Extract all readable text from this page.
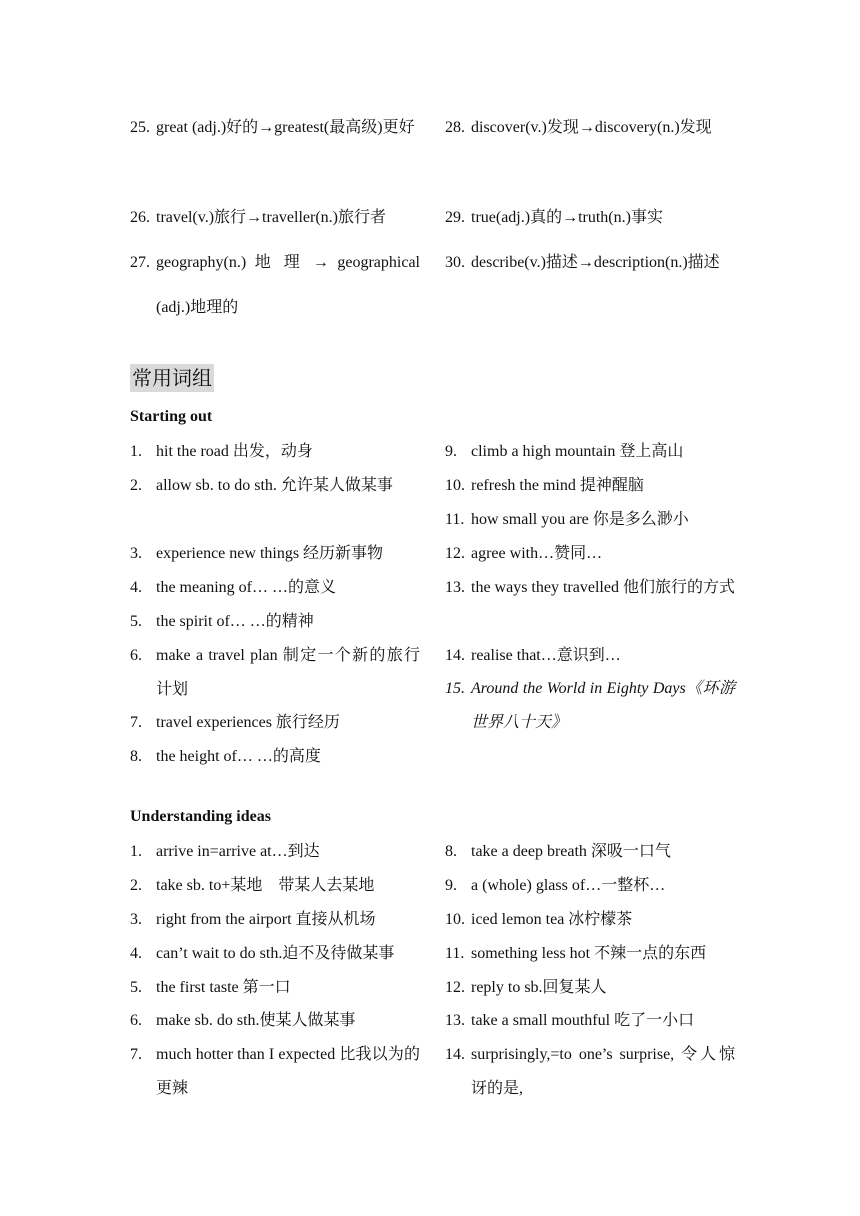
25. great (adj.)好的→greatest(最高级)更好
26. travel(v.)旅行→traveller(n.)旅行者
27. geography(n.) 地 理 → geographical (adj.)地理的
28. discover(v.)发现→discovery(n.)发现
29. true(adj.)真的→truth(n.)事实
30. describe(v.)描述→description(n.)描述
常用词组
Starting out
1. hit the road 出发，动身
2. allow sb. to do sth. 允许某人做某事
3. experience new things 经历新事物
4. the meaning of… …的意义
5. the spirit of… …的精神
6. make a travel plan 制定一个新的旅行计划
7. travel experiences 旅行经历
8. the height of… …的高度
9. climb a high mountain 登上高山
10. refresh the mind 提神醒脑
11. how small you are 你是多么渺小
12. agree with…赞同…
13. the ways they travelled 他们旅行的方式
14. realise that…意识到…
15. Around the World in Eighty Days《环游世界八十天》
Understanding ideas
1. arrive in=arrive at…到达
2. take sb. to+某地　带某人去某地
3. right from the airport 直接从机场
4. can’t wait to do sth.迫不及待做某事
5. the first taste 第一口
6. make sb. do sth.使某人做某事
7. much hotter than I expected 比我以为的更辣
8. take a deep breath 深吸一口气
9. a (whole) glass of…一整杯…
10. iced lemon tea 冰柠檬茶
11. something less hot 不辣一点的东西
12. reply to sb.回复某人
13. take a small mouthful 吃了一小口
14. surprisingly,=to one’s surprise, 令人惊讶的是,
